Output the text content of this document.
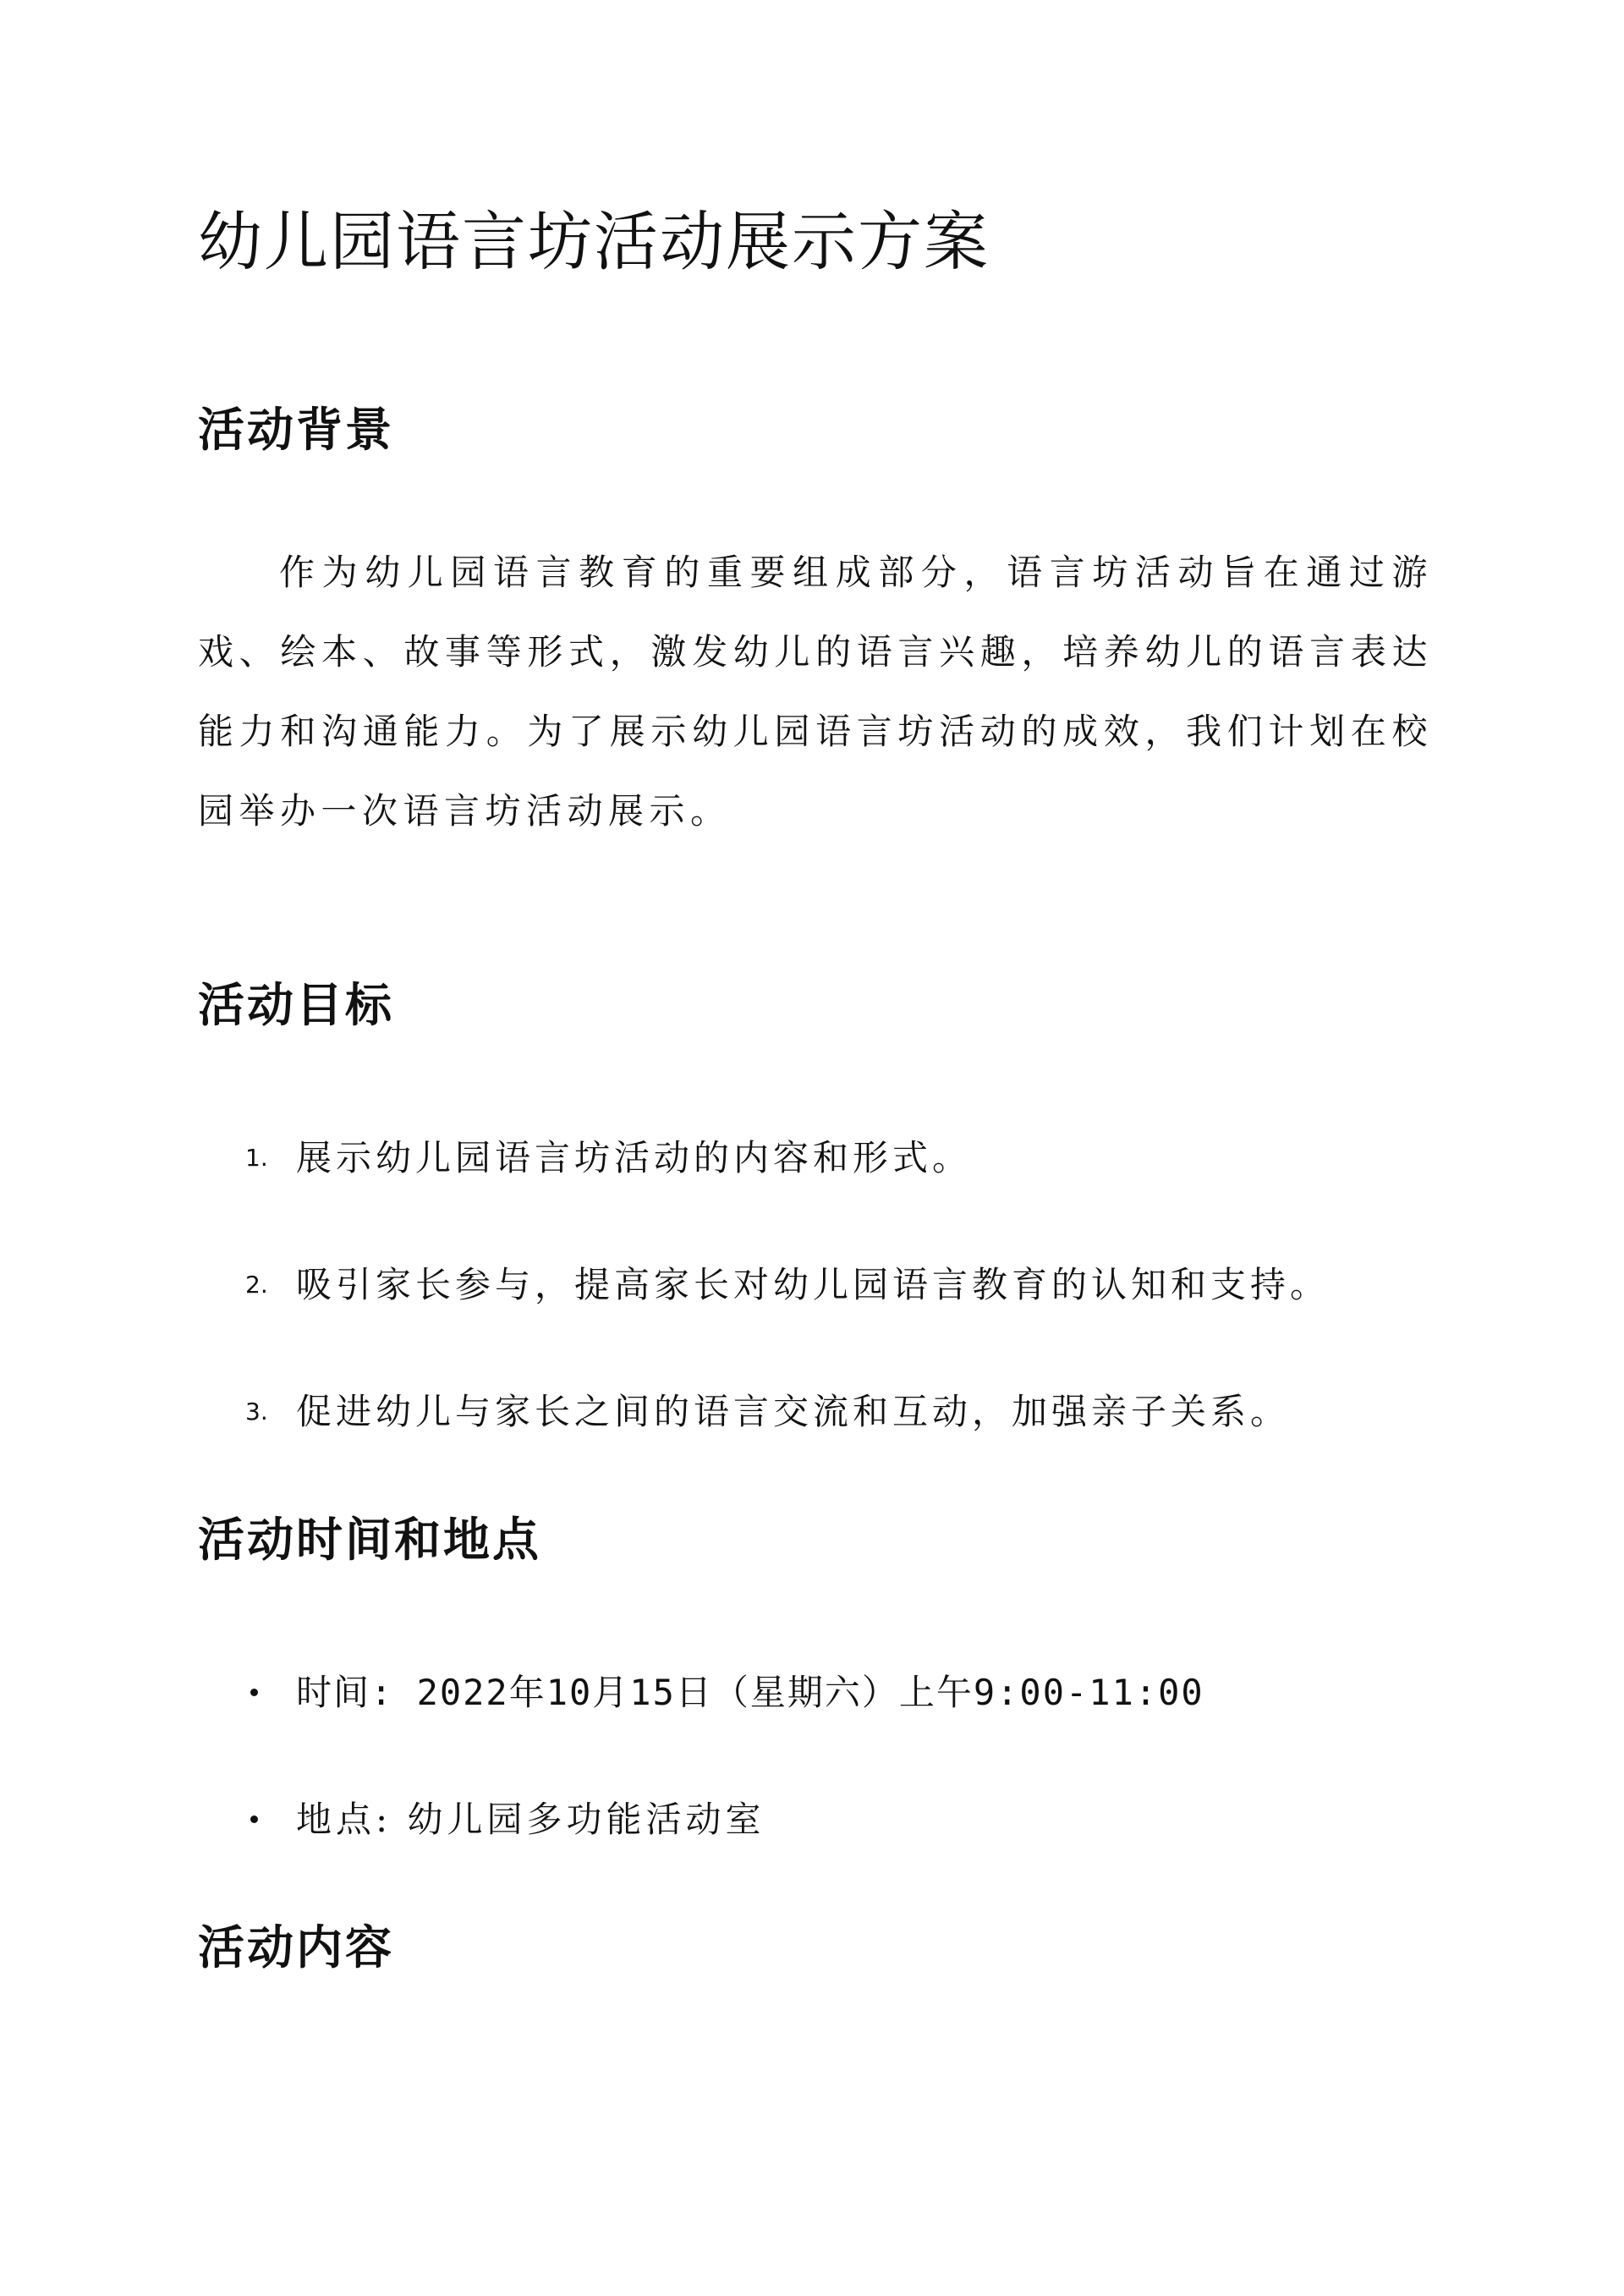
幼儿园语言坊活动展示方案
活动背景

作为幼儿园语言教育的重要组成部分，语言坊活动旨在通过游戏、绘本、故事等形式，激发幼儿的语言兴趣，培养幼儿的语言表达能力和沟通能力。为了展示幼儿园语言坊活动的成效，我们计划在校园举办一次语言坊活动展示。

活动目标
1. 展示幼儿园语言坊活动的内容和形式。
2. 吸引家长参与，提高家长对幼儿园语言教育的认知和支持。
3. 促进幼儿与家长之间的语言交流和互动，加强亲子关系。
活动时间和地点
时间: 2022年10月15日（星期六）上午9:00-11:00
地点: 幼儿园多功能活动室
活动内容
